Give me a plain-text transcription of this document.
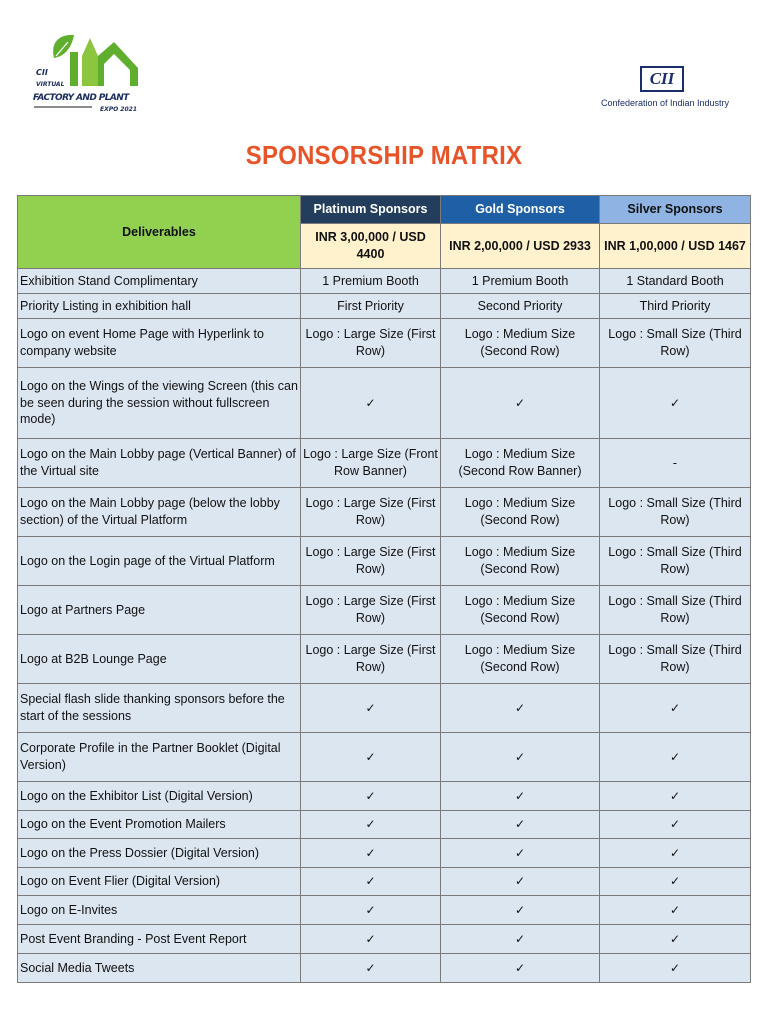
CII
VIRTUAL
FACTORY AND PLANT
EXPO 2021
CII
Confederation of Indian Industry
SPONSORSHIP MATRIX
Deliverables	Platinum Sponsors	Gold Sponsors	Silver Sponsors
	INR 3,00,000 / USD 4400	INR 2,00,000 / USD 2933	INR 1,00,000 / USD 1467
Exhibition Stand Complimentary	1 Premium Booth	1 Premium Booth	1 Standard Booth
Priority Listing in exhibition hall	First Priority	Second Priority	Third Priority
Logo on event Home Page with Hyperlink to company website	Logo : Large Size (First Row)	Logo : Medium Size (Second Row)	Logo : Small Size (Third Row)
Logo on the Wings of the viewing Screen (this can be seen during the session without fullscreen mode)	✓	✓	✓
Logo on the Main Lobby page (Vertical Banner) of the Virtual site	Logo : Large Size (Front Row Banner)	Logo : Medium Size (Second Row Banner)	-
Logo on the Main Lobby page (below the lobby section) of the Virtual Platform	Logo : Large Size (First Row)	Logo : Medium Size (Second Row)	Logo : Small Size (Third Row)
Logo on the Login page of the Virtual Platform	Logo : Large Size (First Row)	Logo : Medium Size (Second Row)	Logo : Small Size (Third Row)
Logo at Partners Page	Logo : Large Size (First Row)	Logo : Medium Size (Second Row)	Logo : Small Size (Third Row)
Logo at B2B Lounge Page	Logo : Large Size (First Row)	Logo : Medium Size (Second Row)	Logo : Small Size (Third Row)
Special flash slide thanking sponsors before the start of the sessions	✓	✓	✓
Corporate Profile in the Partner Booklet (Digital Version)	✓	✓	✓
Logo on the Exhibitor List (Digital Version)	✓	✓	✓
Logo on the Event Promotion Mailers	✓	✓	✓
Logo on the Press Dossier (Digital Version)	✓	✓	✓
Logo on Event Flier (Digital Version)	✓	✓	✓
Logo on E-Invites	✓	✓	✓
Post Event Branding - Post Event Report	✓	✓	✓
Social Media Tweets	✓	✓	✓
